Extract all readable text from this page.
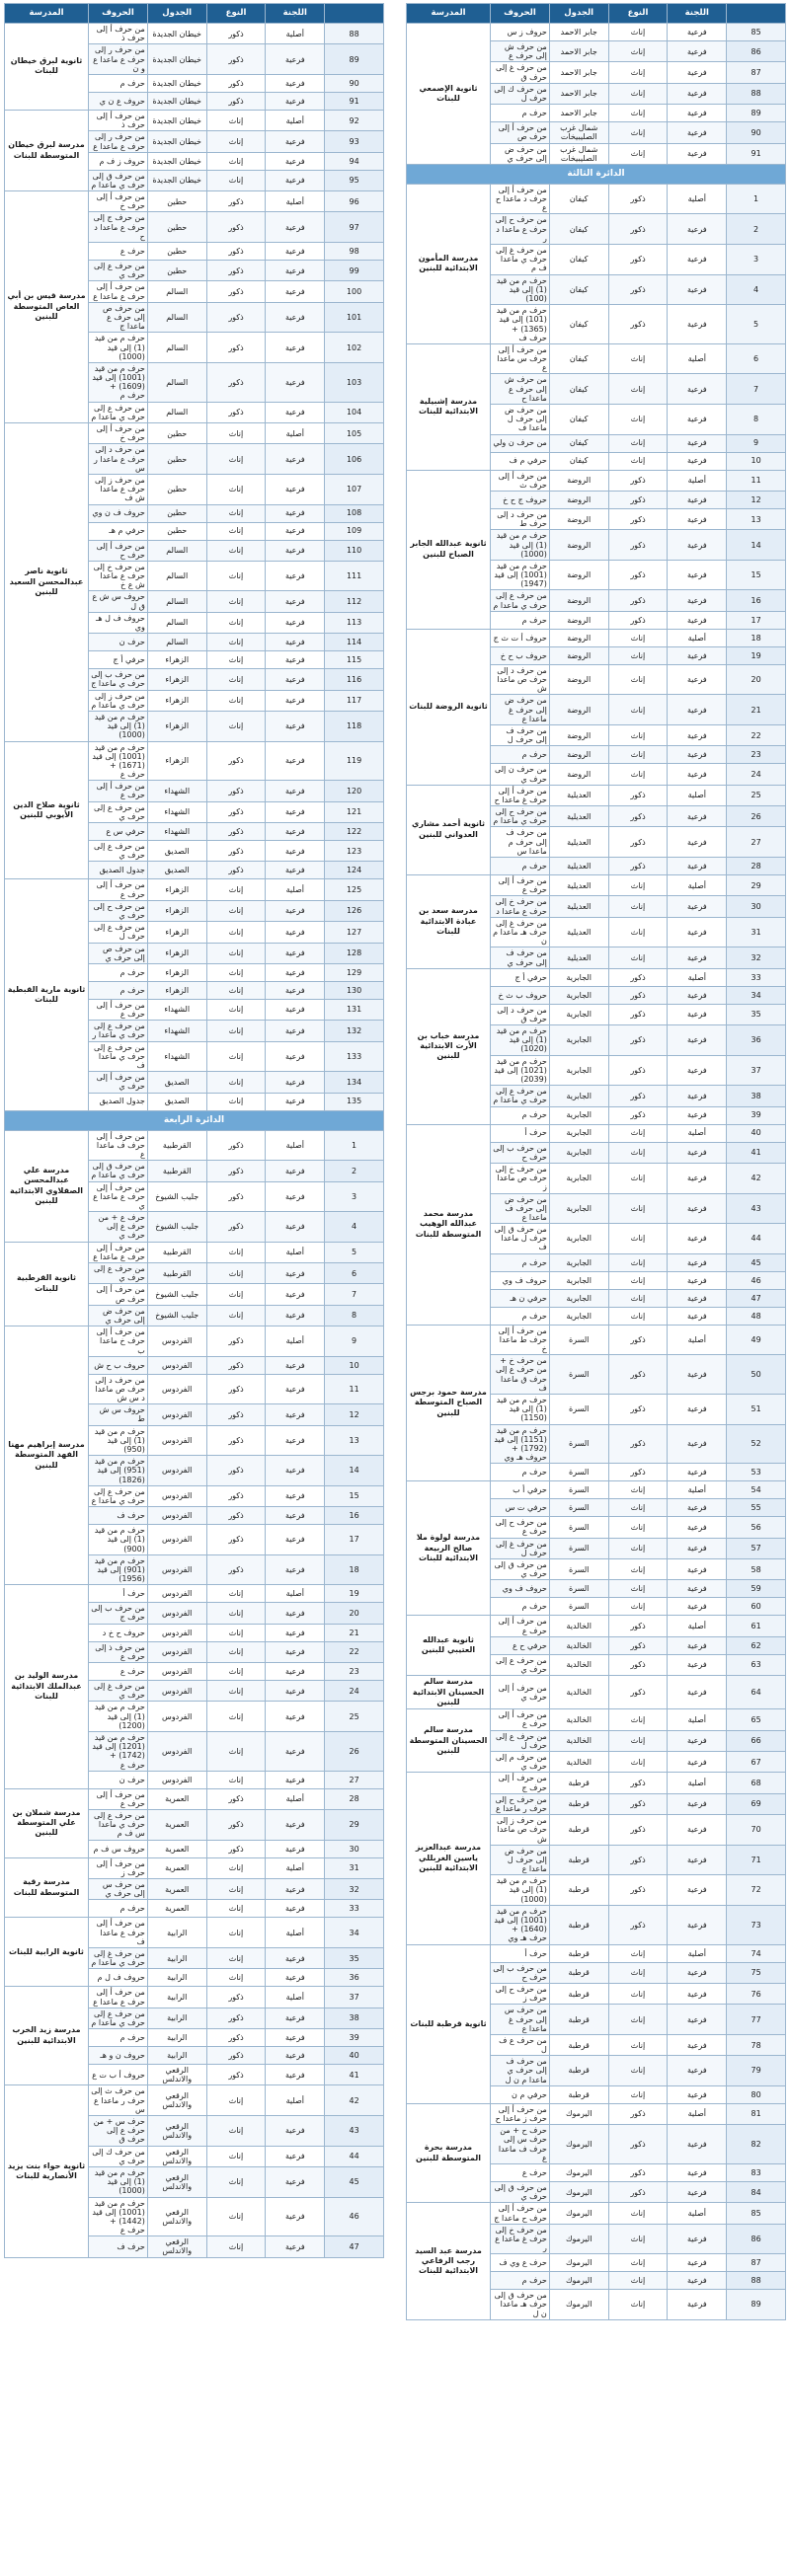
	اللجنة	النوع	الجدول	الحروف	المدرسة
85	فرعية	إناث	جابر الاحمد	حروف ز س	ثانوية الإصمعي للبنات
86	فرعية	إناث	جابر الاحمد	من حرف ش إلى حرف ع	
87	فرعية	إناث	جابر الاحمد	من حرف غ إلى حرف ق	
88	فرعية	إناث	جابر الاحمد	من حرف ك إلى حرف ل	
89	فرعية	إناث	جابر الاحمد	حرف م	
90	فرعية	إناث	شمال غرب الصليبيخات	من حرف أ إلى حرف ص	
91	فرعية	إناث	شمال غرب الصليبيخات	من حرف ض إلى حرف ي	
الدائرة الثالثة					
1	أصلية	ذكور	كيفان	من حرف أ إلى حرف د ماعدا ح ع	مدرسة المأمون الابتدائية للبنين
2	فرعية	ذكور	كيفان	من حرف ح إلى حرف ع ماعدا د ر	
3	فرعية	ذكور	كيفان	من حرف غ إلى حرف ي ماعدا ف م	
4	فرعية	ذكور	كيفان	حرف م من قيد (1) إلى قيد (100)	
5	فرعية	ذكور	كيفان	حرف م من قيد (101) إلى قيد (1365) + حرف ف	
6	أصلية	إناث	كيفان	من حرف أ إلى حرف س ماعدا ع	مدرسة إشبيلية الابتدائية للبنات
7	فرعية	إناث	كيفان	من حرف ش إلى حرف ع ماعدا ح	
8	فرعية	إناث	كيفان	من حرف ض إلى حرف ل ماعدا ف	
9	فرعية	إناث	كيفان	من حرف ن ولي	
10	فرعية	إناث	كيفان	حرفي م ف	
11	أصلية	ذكور	الروضة	من حرف أ إلى حرف ث	ثانوية عبدالله الجابر الصباح للبنين
12	فرعية	ذكور	الروضة	حروف ج ح خ	
13	فرعية	ذكور	الروضة	من حرف د إلى حرف ط	
14	فرعية	ذكور	الروضة	حرف م من قيد (1) إلى قيد (1000)	
15	فرعية	ذكور	الروضة	حرف م من قيد (1001) إلى قيد (1947)	
16	فرعية	ذكور	الروضة	من حرف ع إلى حرف ي ماعدا م	
17	فرعية	ذكور	الروضة	حرف م	
18	أصلية	إناث	الروضة	حروف أ ت ث ج	ثانوية الروضة للبنات
19	فرعية	إناث	الروضة	حروف ب ح خ	
20	فرعية	إناث	الروضة	من حرف د إلى حرف ص ماعدا ش	
21	فرعية	إناث	الروضة	من حرف ض إلى حرف غ ماعدا ع	
22	فرعية	إناث	الروضة	من حرف ف إلى حرف ل	
23	فرعية	إناث	الروضة	حرف م	
24	فرعية	إناث	الروضة	من حرف ن إلى حرف ي	
25	أصلية	ذكور	العديلية	من حرف أ إلى حرف غ ماعدا ح	ثانوية أحمد مشاري العدواني للبنين
26	فرعية	ذكور	العديلية	من حرف ح إلى حرف ي ماعدا م	
27	فرعية	ذكور	العديلية	من حرف ف إلى حرف م ماعدا س	
28	فرعية	ذكور	العديلية	حرف م	
29	أصلية	إناث	العديلية	من حرف أ إلى حرف ع	مدرسة سعد بن عبادة الابتدائية للبنات
30	فرعية	إناث	العديلية	من حرف خ إلى حرف ع ماعدا د	
31	فرعية	إناث	العديلية	من حرف غ إلى حرف هـ ماعدا م ن	
32	فرعية	إناث	العديلية	من حرف ف إلى حرف ي	
33	أصلية	ذكور	الجابرية	حرفي أ ج	مدرسة خباب بن الأرت الابتدائية للبنين
34	فرعية	ذكور	الجابرية	حروف ب ث خ	
35	فرعية	ذكور	الجابرية	من حرف د إلى حرف ق	
36	فرعية	ذكور	الجابرية	حرف م من قيد (1) إلى قيد (1020)	
37	فرعية	ذكور	الجابرية	حرف م من قيد (1021) إلى قيد (2039)	
38	فرعية	ذكور	الجابرية	من حرف ع إلى حرف ي ماعدا م	
39	فرعية	ذكور	الجابرية	حرف م	
40	أصلية	إناث	الجابرية	حرف أ	مدرسة محمد عبدالله الوهيب المتوسطة للبنات
41	فرعية	إناث	الجابرية	من حرف ب إلى حرف ح	
42	فرعية	إناث	الجابرية	من حرف خ إلى حرف ص ماعدا ز	
43	فرعية	إناث	الجابرية	من حرف ض إلى حرف ف ماعدا ع	
44	فرعية	إناث	الجابرية	من حرف ق إلى حرف ل ماعدا ف	
45	فرعية	إناث	الجابرية	حرف م	
46	فرعية	إناث	الجابرية	حروف ف وي	
47	فرعية	إناث	الجابرية	حرفي ن هـ	
48	فرعية	إناث	الجابرية	حرف م	
49	أصلية	ذكور	السرة	من حرف أ إلى حرف ط ماعدا خ	مدرسة حمود برجس الصباح المتوسطة للبنين
50	فرعية	ذكور	السرة	من حرف خ + من حرف ع إلى حرف ق ماعدا ف	
51	فرعية	ذكور	السرة	حرف م من قيد (1) إلى قيد (1150)	
52	فرعية	ذكور	السرة	حرف م من قيد (1151) إلى قيد (1792) + حروف هـ وي	
53	فرعية	ذكور	السرة	حرف م	
54	أصلية	إناث	السرة	حرفي أ ب	مدرسة لولوة ملا صالح الربيعة الابتدائية للبنات
55	فرعية	إناث	السرة	حرفي ت س	
56	فرعية	إناث	السرة	من حرف ح إلى حرف ع	
57	فرعية	إناث	السرة	من حرف غ إلى حرف ل	
58	فرعية	إناث	السرة	من حرف ق إلى حرف ي	
59	فرعية	إناث	السرة	حروف ف وي	
60	فرعية	إناث	السرة	حرف م	
61	أصلية	ذكور	الخالدية	من حرف أ إلى حرف ع	ثانوية عبدالله العتيبي للبنين
62	فرعية	ذكور	الخالدية	حرفي ح ع	
63	فرعية	ذكور	الخالدية	من حرف ع إلى حرف ي	
64	فرعية	ذكور	الخالدية	من حرف أ إلى حرف ي	مدرسة سالم الحسينان الابتدائية للبنين
65	أصلية	إناث	الخالدية	من حرف أ إلى حرف ع	مدرسة سالم الحسينان المتوسطة للبنين
66	فرعية	إناث	الخالدية	من حرف ع إلى حرف ل	
67	فرعية	إناث	الخالدية	من حرف م إلى حرف ي	
68	أصلية	ذكور	قرطبة	من حرف أ إلى حرف ج	مدرسة عبدالعزيز ياسين الغربللي الابتدائية للبنين
69	فرعية	ذكور	قرطبة	من حرف ح إلى حرف ر ماعدا ع	
70	فرعية	ذكور	قرطبة	من حرف ز إلى حرف ص ماعدا ش	
71	فرعية	ذكور	قرطبة	من حرف ض إلى حرف ل ماعدا ع	
72	فرعية	ذكور	قرطبة	حرف م من قيد (1) إلى قيد (1000)	
73	فرعية	ذكور	قرطبة	حرف م من قيد (1001) إلى قيد (1640) + حرف هـ وي	
74	أصلية	إناث	قرطبة	حرف أ	ثانوية قرطبة للبنات
75	فرعية	إناث	قرطبة	من حرف ب إلى حرف ح	
76	فرعية	إناث	قرطبة	من حرف ح إلى حرف ز	
77	فرعية	إناث	قرطبة	من حرف س إلى حرف غ ماعدا ع	
78	فرعية	إناث	قرطبة	من حرف ع ف ل	
79	فرعية	إناث	قرطبة	من حرف ف إلى حرف ي ماعدا م ن ل	
80	فرعية	إناث	قرطبة	حرفي م ن	
81	أصلية	ذكور	اليرموك	من حرف أ إلى حرف ز ماعدا ح	مدرسة بحرة المتوسطة للبنين
82	فرعية	ذكور	اليرموك	حرف ح + من حرف س إلى حرف ف ماعدا ع	
83	فرعية	ذكور	اليرموك	حرف ع	
84	فرعية	ذكور	اليرموك	من حرف ق إلى حرف ي	
85	أصلية	إناث	اليرموك	من حرف أ إلى حرف ح ماعدا ج	مدرسة عبد السيد رجب الرفاعي الابتدائية للبنات
86	فرعية	إناث	اليرموك	من حرف خ إلى حرف غ ماعدا ع ر	
87	فرعية	إناث	اليرموك	حرف ع وي ف	
88	فرعية	إناث	اليرموك	حرف م	
89	فرعية	إناث	اليرموك	من حرف ق إلى حرف هـ ماعدا ن ل	
	اللجنة	النوع	الجدول	الحروف	المدرسة
88	أصلية	ذكور	خيطان الجديدة	من حرف أ إلى حرف ذ	ثانوية لبرق خيطان للبنات
89	فرعية	ذكور	خيطان الجديدة	من حرف ر إلى حرف ع ماعدا ع و ن	
90	فرعية	ذكور	خيطان الجديدة	حرف م	
91	فرعية	ذكور	خيطان الجديدة	حروف ع ن ي	
92	أصلية	إناث	خيطان الجديدة	من حرف أ إلى حرف ذ	مدرسة لبرق خيطان المتوسطة للبنات
93	فرعية	إناث	خيطان الجديدة	من حرف ر إلى حرف ع ماعدا ع	
94	فرعية	إناث	خيطان الجديدة	حروف ز ف م	
95	فرعية	إناث	خيطان الجديدة	من حرف ق إلى حرف ي ماعدا م	
96	أصلية	ذكور	حطين	من حرف أ إلى حرف خ	مدرسة قيس بن أبي العاص المتوسطة للبنين
97	فرعية	ذكور	حطين	من حرف ج إلى حرف ع ماعدا د ح	
98	فرعية	ذكور	حطين	حرف ع	
99	فرعية	ذكور	حطين	من حرف ع إلى حرف ي	
100	فرعية	ذكور	السالم	من حرف أ إلى حرف ع ماعدا ع	
101	فرعية	ذكور	السالم	من حرف ص إلى حرف ع ماعدا ج	
102	فرعية	ذكور	السالم	حرف م من قيد (1) إلى قيد (1000)	
103	فرعية	ذكور	السالم	حرف م من قيد (1001) إلى قيد (1609) + حرف م	
104	فرعية	ذكور	السالم	من حرف ع إلى حرف ي ماعدا م	
105	أصلية	إناث	حطين	من حرف أ إلى حرف خ	ثانوية ناصر عبدالمحسن السعيد للبنين
106	فرعية	إناث	حطين	من حرف د إلى حرف ع ماعدا ر س	
107	فرعية	إناث	حطين	من حرف ز إلى حرف ع ماعدا ش ف	
108	فرعية	إناث	حطين	حروف ف ن وي	
109	فرعية	إناث	حطين	حرفي م هـ	
110	فرعية	إناث	السالم	من حرف أ إلى حرف ح	
111	فرعية	إناث	السالم	من حرف خ إلى حرف ع ماعدا ش ع خ	
112	فرعية	إناث	السالم	حروف س ش ع ق ل	
113	فرعية	إناث	السالم	حروف ف ل هـ وي	
114	فرعية	إناث	السالم	حرف ن	
115	فرعية	إناث	الزهراء	حرفي أ ج	
116	فرعية	إناث	الزهراء	من حرف ب إلى حرف ي ماعدا ج	
117	فرعية	إناث	الزهراء	من حرف ز إلى حرف ي ماعدا م	
118	فرعية	إناث	الزهراء	حرف م من قيد (1) إلى قيد (1000)	
119	فرعية	ذكور	الزهراء	حرف م من قيد (1001) إلى قيد (1671) + حرف ع	ثانوية صلاح الدين الأيوبي للبنين
120	فرعية	ذكور	الشهداء	من حرف أ إلى حرف ع	
121	فرعية	ذكور	الشهداء	من حرف ع إلى حرف ي	
122	فرعية	ذكور	الشهداء	حرفي س ع	
123	فرعية	ذكور	الصديق	من حرف ع إلى حرف ي	
124	فرعية	ذكور	الصديق	جدول الصديق	
125	أصلية	إناث	الزهراء	من حرف أ إلى حرف ع	ثانوية مارية القبطية للبنات
126	فرعية	إناث	الزهراء	من حرف ح إلى حرف ي	
127	فرعية	إناث	الزهراء	من حرف ع إلى حرف ل	
128	فرعية	إناث	الزهراء	من حرف ص إلى حرف ي	
129	فرعية	إناث	الزهراء	حرف م	
130	فرعية	إناث	الزهراء	حرف م	
131	فرعية	إناث	الشهداء	من حرف أ إلى حرف ع	
132	فرعية	إناث	الشهداء	من حرف ع إلى حرف ي ماعدا ر	
133	فرعية	إناث	الشهداء	من حرف ع إلى حرف ي ماعدا ف	
134	فرعية	إناث	الصديق	من حرف أ إلى حرف ي	
135	فرعية	إناث	الصديق	جدول الصديق	
الدائرة الرابعة					
1	أصلية	ذكور	القرطبية	من حرف أ إلى حرف ف ماعدا ع	مدرسة علي عبدالمحسن الصقلاوي الابتدائية للبنين
2	فرعية	ذكور	القرطبية	من حرف ق إلى حرف ي ماعدا م	
3	فرعية	ذكور	جليب الشيوخ	من حرف أ إلى حرف ع ماعدا ع ي	
4	فرعية	ذكور	جليب الشيوخ	حرف ع + من حرف ع إلى حرف ي	
5	أصلية	إناث	القرطبية	من حرف أ إلى حرف ع ماعدا ع	ثانوية القرطبية للبنات
6	فرعية	إناث	القرطبية	من حرف ع إلى حرف ي	
7	فرعية	إناث	جليب الشيوخ	من حرف أ إلى حرف ص	
8	فرعية	إناث	جليب الشيوخ	من حرف ض إلى حرف ي	
9	أصلية	ذكور	الفردوس	من حرف أ إلى حرف خ ماعدا ب	مدرسة إبراهيم مهنا الفهد المتوسطة للبنين
10	فرعية	ذكور	الفردوس	حروف ب ح ش	
11	فرعية	ذكور	الفردوس	من حرف د إلى حرف ص ماعدا د س ش	
12	فرعية	ذكور	الفردوس	حروف س ش ط	
13	فرعية	ذكور	الفردوس	حرف م من قيد (1) إلى قيد (950)	
14	فرعية	ذكور	الفردوس	حرف م من قيد (951) إلى قيد (1826)	
15	فرعية	ذكور	الفردوس	من حرف ع إلى حرف ي ماعدا ع	
16	فرعية	ذكور	الفردوس	حرف ف	
17	فرعية	ذكور	الفردوس	حرف م من قيد (1) إلى قيد (900)	
18	فرعية	ذكور	الفردوس	حرف م من قيد (901) إلى قيد (1956)	
19	أصلية	إناث	الفردوس	حرف أ	مدرسة الوليد بن عبدالملك الابتدائية للبنات
20	فرعية	إناث	الفردوس	من حرف ب إلى حرف ج	
21	فرعية	إناث	الفردوس	حروف ح خ د	
22	فرعية	إناث	الفردوس	من حرف ذ إلى حرف ع	
23	فرعية	إناث	الفردوس	حرف ع	
24	فرعية	إناث	الفردوس	من حرف غ إلى حرف ي	
25	فرعية	إناث	الفردوس	حرف م من قيد (1) إلى قيد (1200)	
26	فرعية	إناث	الفردوس	حرف م من قيد (1201) إلى قيد (1742) + حرف ع	
27	فرعية	إناث	الفردوس	حرف ن	
28	أصلية	ذكور	العمرية	من حرف أ إلى حرف ع	مدرسة شملان بن علي المتوسطة للبنين
29	فرعية	ذكور	العمرية	من حرف ع إلى حرف ي ماعدا س ف م	
30	فرعية	ذكور	العمرية	حروف س ف م	
31	أصلية	إناث	العمرية	من حرف أ إلى حرف ز	مدرسة رقية المتوسطة للبنات
32	فرعية	إناث	العمرية	من حرف س إلى حرف ي	
33	فرعية	إناث	العمرية	حرف م	
34	أصلية	إناث	الرابية	من حرف أ إلى حرف ع ماعدا ف	ثانوية الرابية للبنات
35	فرعية	إناث	الرابية	من حرف غ إلى حرف ي ماعدا م	
36	فرعية	إناث	الرابية	حروف ف ل م	
37	أصلية	ذكور	الرابية	من حرف أ إلى حرف ع ماعدا ع	مدرسة زيد الخرب الابتدائية للبنين
38	فرعية	ذكور	الرابية	من حرف ع إلى حرف ي ماعدا م	
39	فرعية	ذكور	الرابية	حرف م	
40	فرعية	ذكور	الرابية	حروف ن و هـ	
41	فرعية	ذكور	الرقعي والاندلس	حروف أ ب ت ع	
42	أصلية	إناث	الرقعي والاندلس	من حرف ث إلى حرف ر ماعدا ع س	ثانوية حواء بنت يزيد الأنصارية للبنات
43	فرعية	إناث	الرقعي والاندلس	حرف س + من حرف ع إلى حرف ق	
44	فرعية	إناث	الرقعي والاندلس	من حرف ك إلى حرف ي	
45	فرعية	إناث	الرقعي والاندلس	حرف م من قيد (1) إلى قيد (1000)	
46	فرعية	إناث	الرقعي والاندلس	حرف م من قيد (1001) إلى قيد (1442) + حرف ع	
47	فرعية	إناث	الرقعي والاندلس	حرف ف	
